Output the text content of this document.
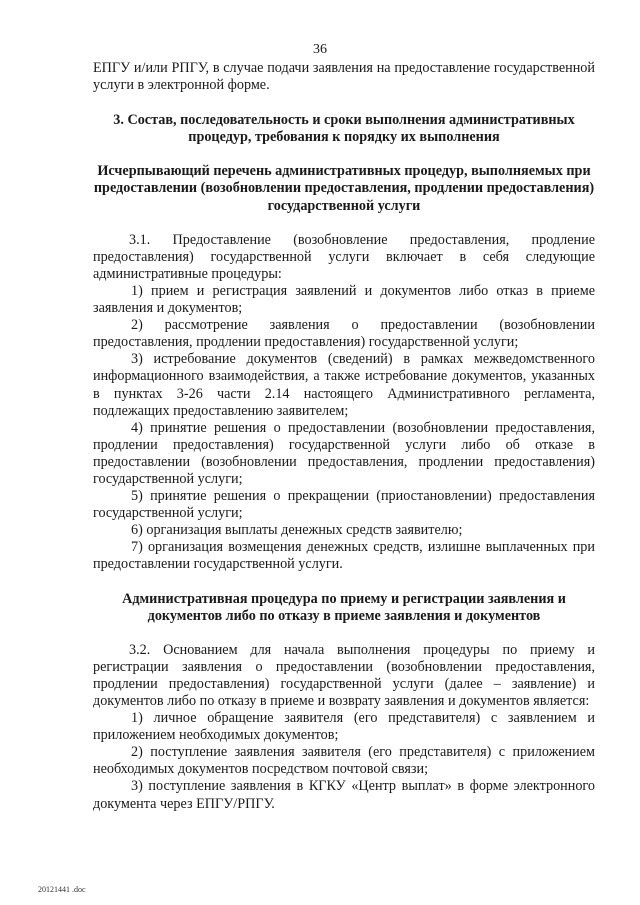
36

ЕПГУ и/или РПГУ, в случае подачи заявления на предоставление государственной услуги в электронной форме.

3. Состав, последовательность и сроки выполнения административных процедур, требования к порядку их выполнения
Исчерпывающий перечень административных процедур, выполняемых при предоставлении (возобновлении предоставления, продлении предоставления) государственной услуги

3.1. Предоставление (возобновление предоставления, продление предоставления) государственной услуги включает в себя следующие административные процедуры:

1) прием и регистрация заявлений и документов либо отказ в приеме заявления и документов;

2) рассмотрение заявления о предоставлении (возобновлении предоставления, продлении предоставления) государственной услуги;

3) истребование документов (сведений) в рамках межведомственного информационного взаимодействия, а также истребование документов, указанных в пунктах 3-26 части 2.14 настоящего Административного регламента, подлежащих предоставлению заявителем;

4) принятие решения о предоставлении (возобновлении предоставления, продлении предоставления) государственной услуги либо об отказе в предоставлении (возобновлении предоставления, продлении предоставления) государственной услуги;

5) принятие решения о прекращении (приостановлении) предоставления государственной услуги;

6) организация выплаты денежных средств заявителю;

7) организация возмещения денежных средств, излишне выплаченных при предоставлении государственной услуги.

Административная процедура по приему и регистрации заявления и документов либо по отказу в приеме заявления и документов

3.2. Основанием для начала выполнения процедуры по приему и регистрации заявления о предоставлении (возобновлении предоставления, продлении предоставления) государственной услуги (далее – заявление) и документов либо по отказу в приеме и возврату заявления и документов является:

1) личное обращение заявителя (его представителя) с заявлением и приложением необходимых документов;

2) поступление заявления заявителя (его представителя) с приложением необходимых документов посредством почтовой связи;

3) поступление заявления в КГКУ «Центр выплат» в форме электронного документа через ЕПГУ/РПГУ.

20121441 .doc
